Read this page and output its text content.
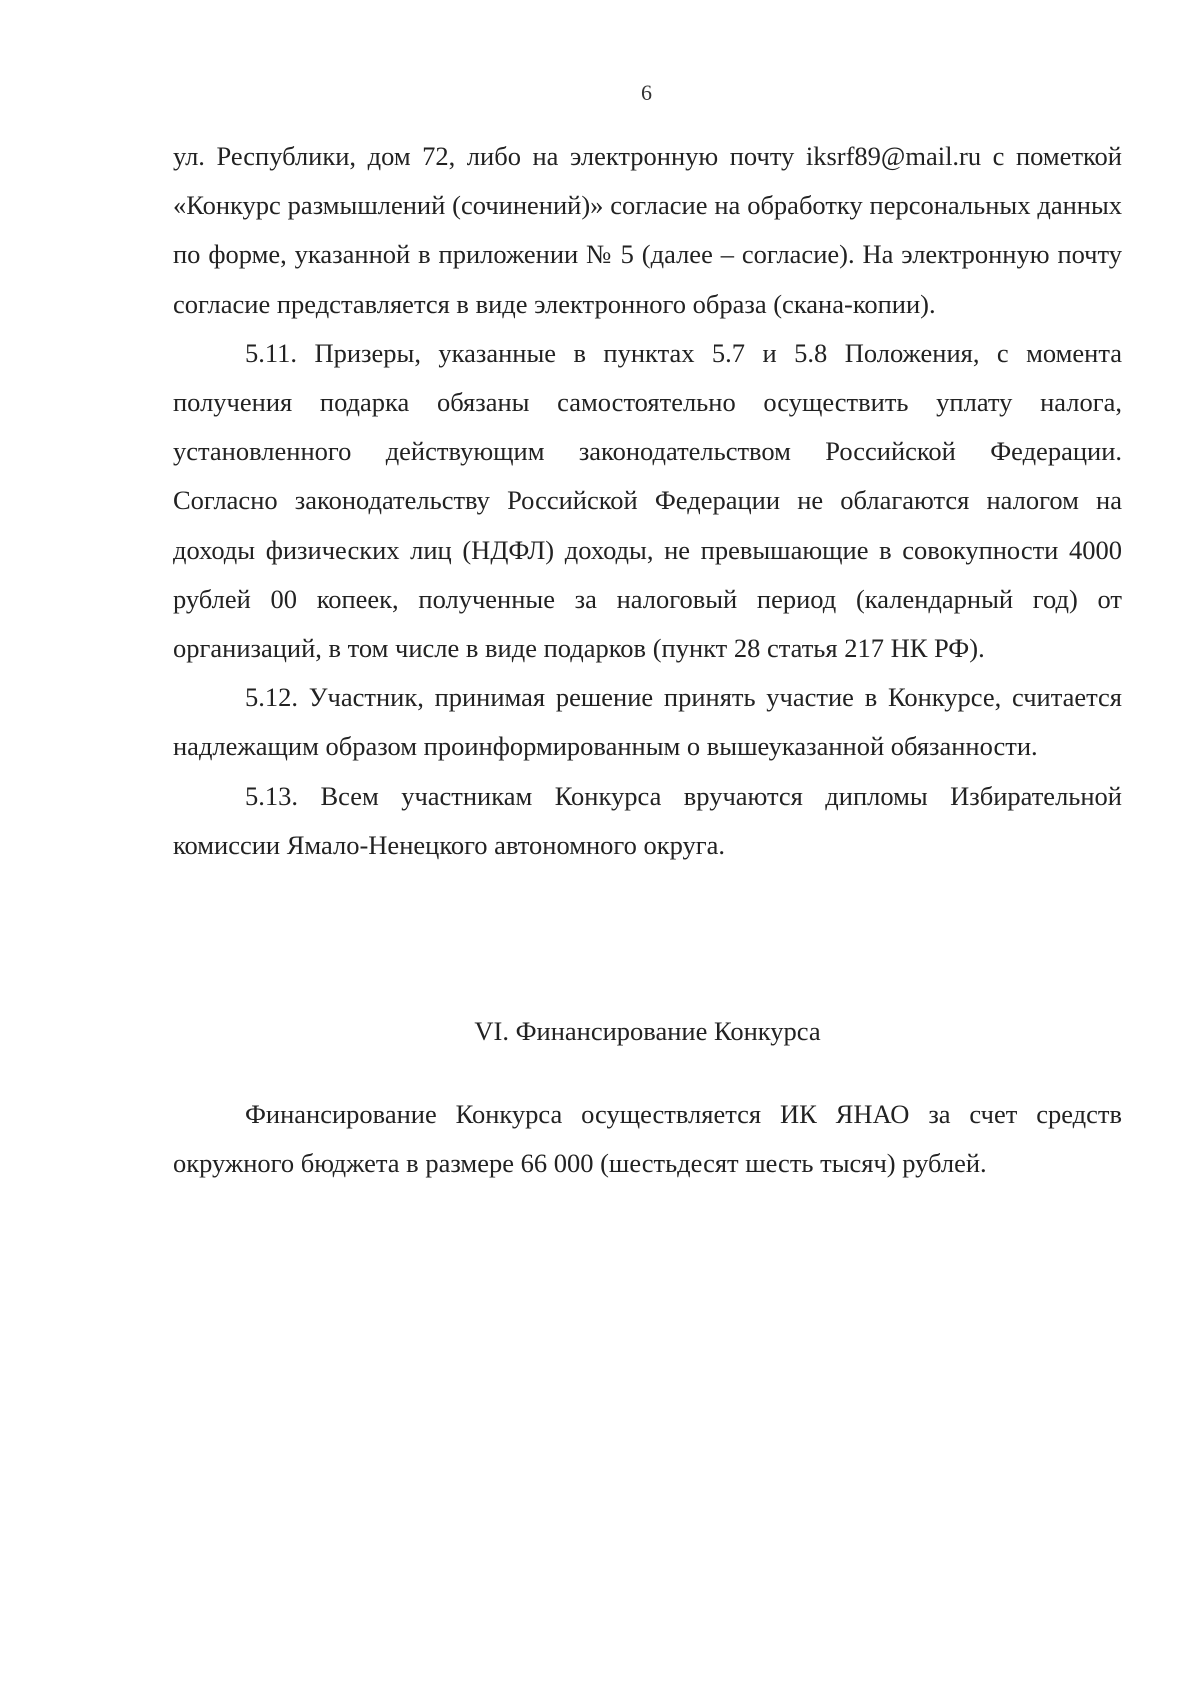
6

ул. Республики, дом 72, либо на электронную почту iksrf89@mail.ru с пометкой «Конкурс размышлений (сочинений)» согласие на обработку персональных данных по форме, указанной в приложении № 5 (далее – согласие). На электронную почту согласие представляется в виде электронного образа (скана-копии).

5.11. Призеры, указанные в пунктах 5.7 и 5.8 Положения, с момента получения подарка обязаны самостоятельно осуществить уплату налога, установленного действующим законодательством Российской Федерации. Согласно законодательству Российской Федерации не облагаются налогом на доходы физических лиц (НДФЛ) доходы, не превышающие в совокупности 4000 рублей 00 копеек, полученные за налоговый период (календарный год) от организаций, в том числе в виде подарков (пункт 28 статья 217 НК РФ).

5.12. Участник, принимая решение принять участие в Конкурсе, считается надлежащим образом проинформированным о вышеуказанной обязанности.

5.13. Всем участникам Конкурса вручаются дипломы Избирательной комиссии Ямало-Ненецкого автономного округа.

VI. Финансирование Конкурса

Финансирование Конкурса осуществляется ИК ЯНАО за счет средств окружного бюджета в размере 66 000 (шестьдесят шесть тысяч) рублей.
